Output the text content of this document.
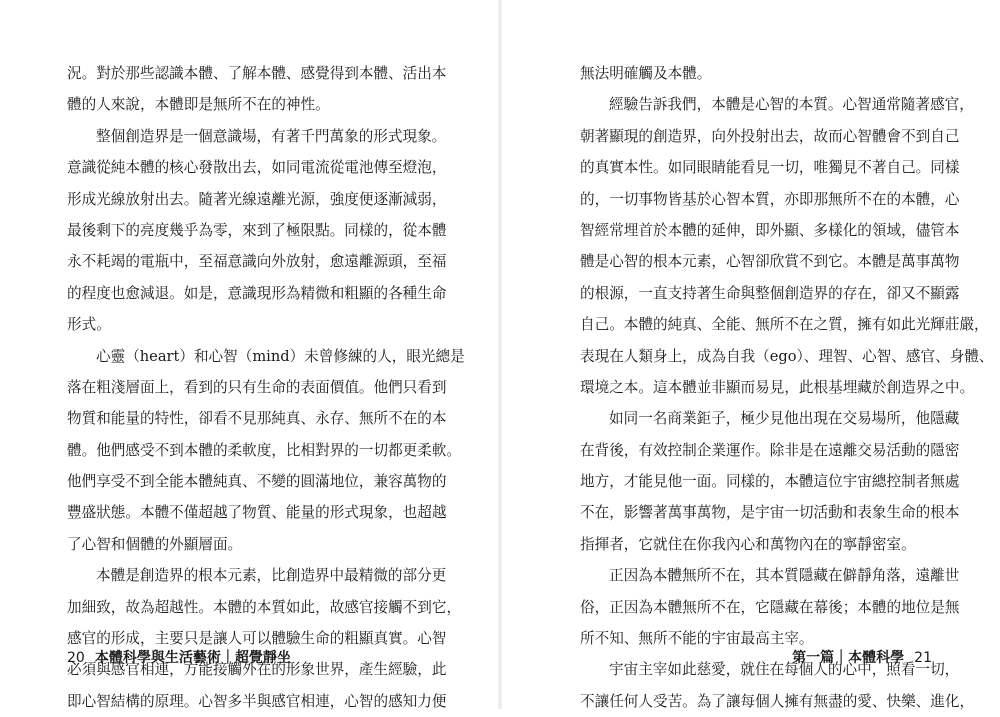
況。對於那些認識本體、了解本體、感覺得到本體、活出本
體的人來說，本體即是無所不在的神性。
整個創造界是一個意識場，有著千門萬象的形式現象。
意識從純本體的核心發散出去，如同電流從電池傳至燈泡，
形成光線放射出去。隨著光線遠離光源，強度便逐漸減弱，
最後剩下的亮度幾乎為零，來到了極限點。同樣的，從本體
永不耗竭的電瓶中，至福意識向外放射，愈遠離源頭，至福
的程度也愈減退。如是，意識現形為精微和粗顯的各種生命
形式。
心靈（heart）和心智（mind）未曾修練的人，眼光總是
落在粗淺層面上，看到的只有生命的表面價值。他們只看到
物質和能量的特性，卻看不見那純真、永存、無所不在的本
體。他們感受不到本體的柔軟度，比相對界的一切都更柔軟。
他們享受不到全能本體純真、不變的圓滿地位，兼容萬物的
豐盛狀態。本體不僅超越了物質、能量的形式現象，也超越
了心智和個體的外顯層面。
本體是創造界的根本元素，比創造界中最精微的部分更
加細致，故為超越性。本體的本質如此，故感官接觸不到它，
感官的形成，主要只是讓人可以體驗生命的粗顯真實。心智
必須與感官相連，方能接觸外在的形象世界，產生經驗，此
即心智結構的原理。心智多半與感官相連，心智的感知力便
20 本體科學與生活藝術｜超覺靜坐
無法明確觸及本體。
經驗告訴我們，本體是心智的本質。心智通常隨著感官，
朝著顯現的創造界，向外投射出去，故而心智體會不到自己
的真實本性。如同眼睛能看見一切，唯獨見不著自己。同樣
的，一切事物皆基於心智本質，亦即那無所不在的本體，心
智經常埋首於本體的延伸，即外顯、多樣化的領域，儘管本
體是心智的根本元素，心智卻欣賞不到它。本體是萬事萬物
的根源，一直支持著生命與整個創造界的存在，卻又不顯露
自己。本體的純真、全能、無所不在之質，擁有如此光輝莊嚴，
表現在人類身上，成為自我（ego）、理智、心智、感官、身體、
環境之本。這本體並非顯而易見，此根基埋藏於創造界之中。
如同一名商業鉅子，極少見他出現在交易場所，他隱藏
在背後，有效控制企業運作。除非是在遠離交易活動的隱密
地方，才能見他一面。同樣的，本體這位宇宙總控制者無處
不在，影響著萬事萬物，是宇宙一切活動和表象生命的根本
指揮者，它就住在你我內心和萬物內在的寧靜密室。
正因為本體無所不在，其本質隱藏在僻靜角落，遠離世
俗，正因為本體無所不在，它隱藏在幕後；本體的地位是無
所不知、無所不能的宇宙最高主宰。
宇宙主宰如此慈愛，就住在每個人的心中，照看一切，
不讓任何人受苦。為了讓每個人擁有無盡的愛、快樂、進化，
第一篇｜本體科學 21
